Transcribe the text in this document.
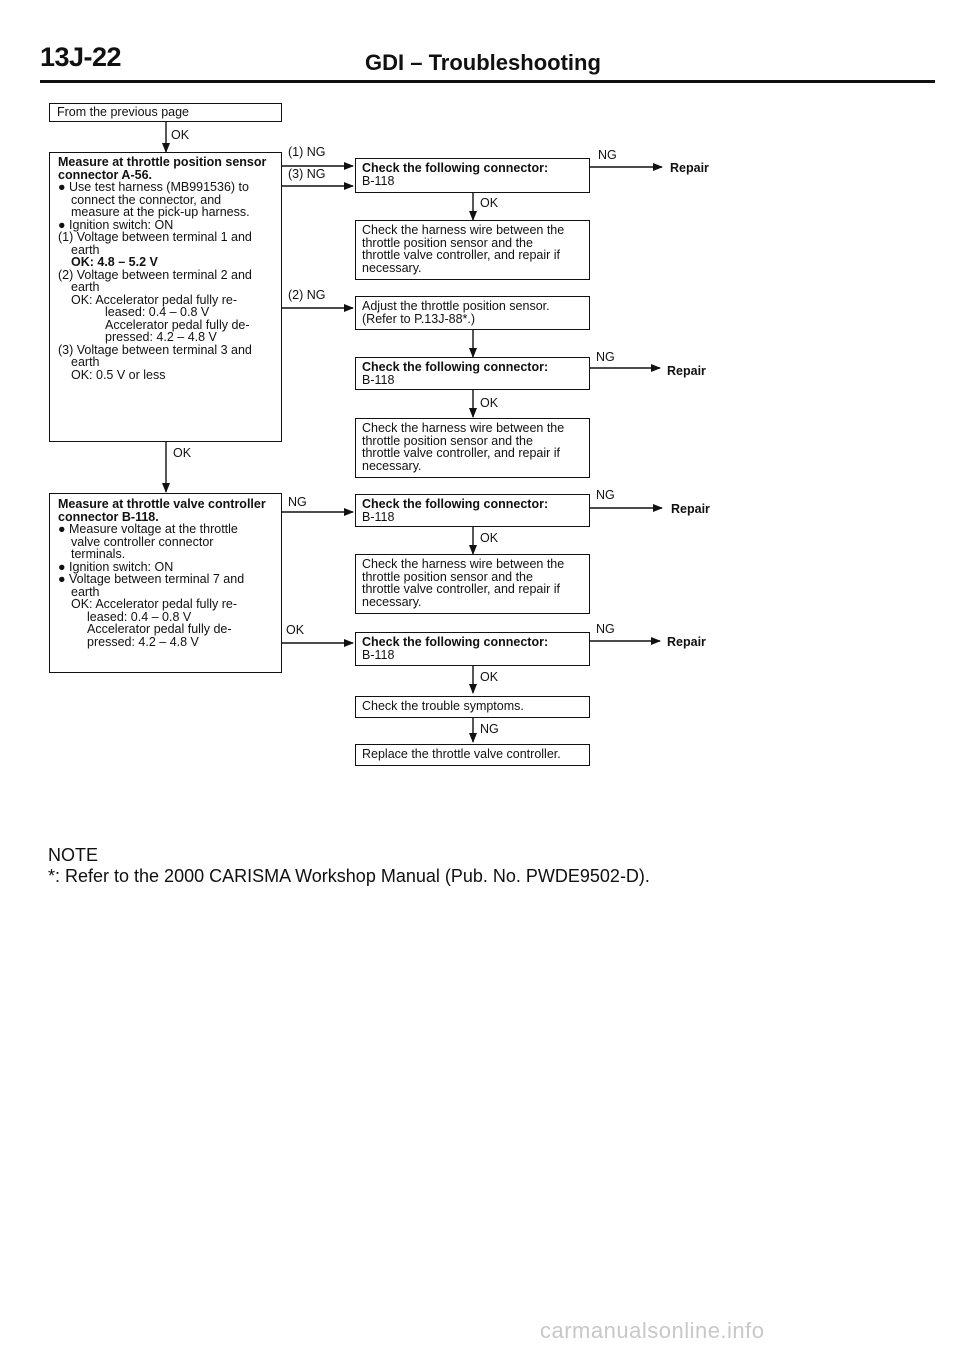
13J-22	GDI – Troubleshooting
From the previous page
OK
Measure at throttle position sensor
connector A-56.
● Use test harness (MB991536) to
connect the connector, and
measure at the pick-up harness.
● Ignition switch: ON
(1) Voltage between terminal 1 and
earth
OK: 4.8 – 5.2 V
(2) Voltage between terminal 2 and
earth
OK: Accelerator pedal fully re-
leased: 0.4 – 0.8 V
Accelerator pedal fully de-
pressed: 4.2 – 4.8 V
(3) Voltage between terminal 3 and
earth
OK: 0.5 V or less
(1) NG
(3) NG
(2) NG
Check the following connector:
B-118
NG
Repair
OK
Check the harness wire between the
throttle position sensor and the
throttle valve controller, and repair if
necessary.
Adjust the throttle position sensor.
(Refer to P.13J-88*.)
Check the following connector:
B-118
NG
Repair
OK
Check the harness wire between the
throttle position sensor and the
throttle valve controller, and repair if
necessary.
OK
Measure at throttle valve controller
connector B-118.
● Measure voltage at the throttle
valve controller connector
terminals.
● Ignition switch: ON
● Voltage between terminal 7 and
earth
OK: Accelerator pedal fully re-
leased: 0.4 – 0.8 V
Accelerator pedal fully de-
pressed: 4.2 – 4.8 V
NG
OK
Check the following connector:
B-118
NG
Repair
OK
Check the harness wire between the
throttle position sensor and the
throttle valve controller, and repair if
necessary.
Check the following connector:
B-118
NG
Repair
OK
Check the trouble symptoms.
NG
Replace the throttle valve controller.
NOTE
*: Refer to the 2000 CARISMA Workshop Manual (Pub. No. PWDE9502-D).
carmanualsonline.info
